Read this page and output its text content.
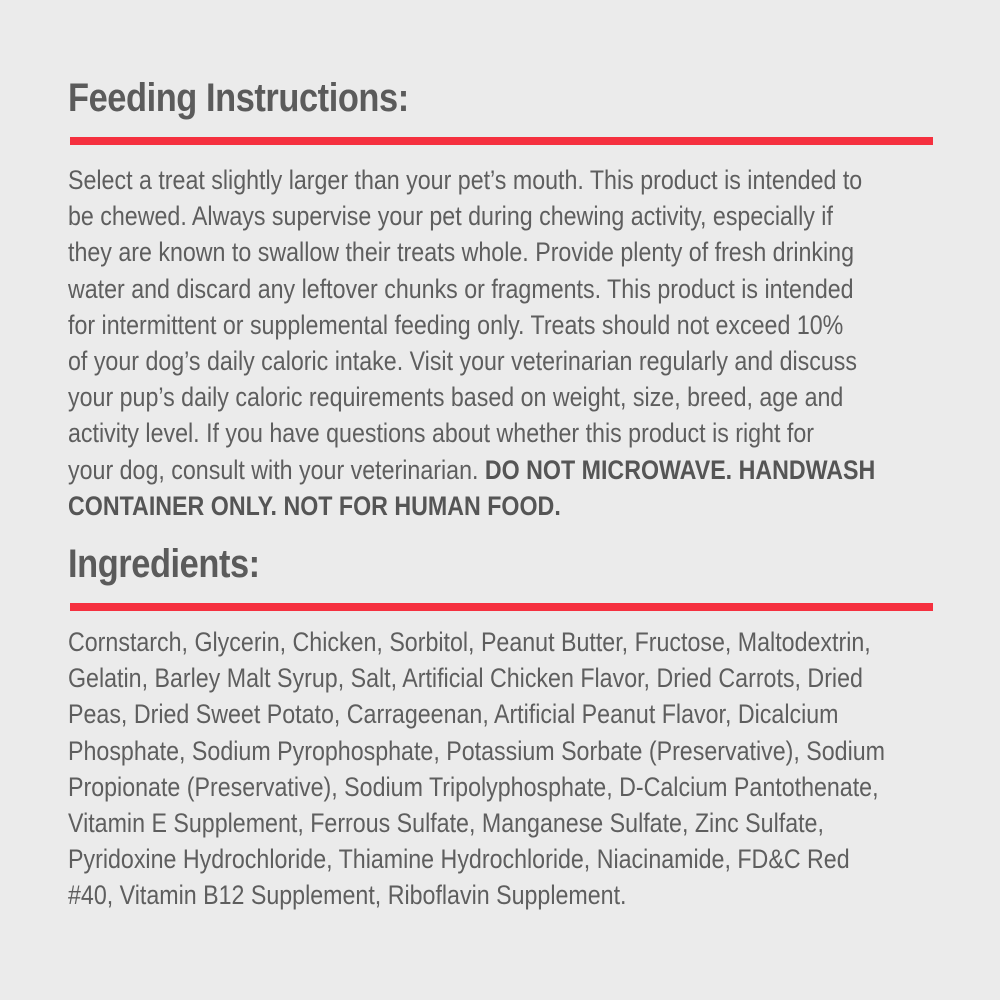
Feeding Instructions:

Select a treat slightly larger than your pet’s mouth. This product is intended to
be chewed. Always supervise your pet during chewing activity, especially if
they are known to swallow their treats whole. Provide plenty of fresh drinking
water and discard any leftover chunks or fragments. This product is intended
for intermittent or supplemental feeding only. Treats should not exceed 10%
of your dog’s daily caloric intake. Visit your veterinarian regularly and discuss
your pup’s daily caloric requirements based on weight, size, breed, age and
activity level. If you have questions about whether this product is right for
your dog, consult with your veterinarian. DO NOT MICROWAVE. HANDWASH
CONTAINER ONLY. NOT FOR HUMAN FOOD.

Ingredients:

Cornstarch, Glycerin, Chicken, Sorbitol, Peanut Butter, Fructose, Maltodextrin,
Gelatin, Barley Malt Syrup, Salt, Artificial Chicken Flavor, Dried Carrots, Dried
Peas, Dried Sweet Potato, Carrageenan, Artificial Peanut Flavor, Dicalcium
Phosphate, Sodium Pyrophosphate, Potassium Sorbate (Preservative), Sodium
Propionate (Preservative), Sodium Tripolyphosphate, D-Calcium Pantothenate,
Vitamin E Supplement, Ferrous Sulfate, Manganese Sulfate, Zinc Sulfate,
Pyridoxine Hydrochloride, Thiamine Hydrochloride, Niacinamide, FD&C Red
#40, Vitamin B12 Supplement, Riboflavin Supplement.
